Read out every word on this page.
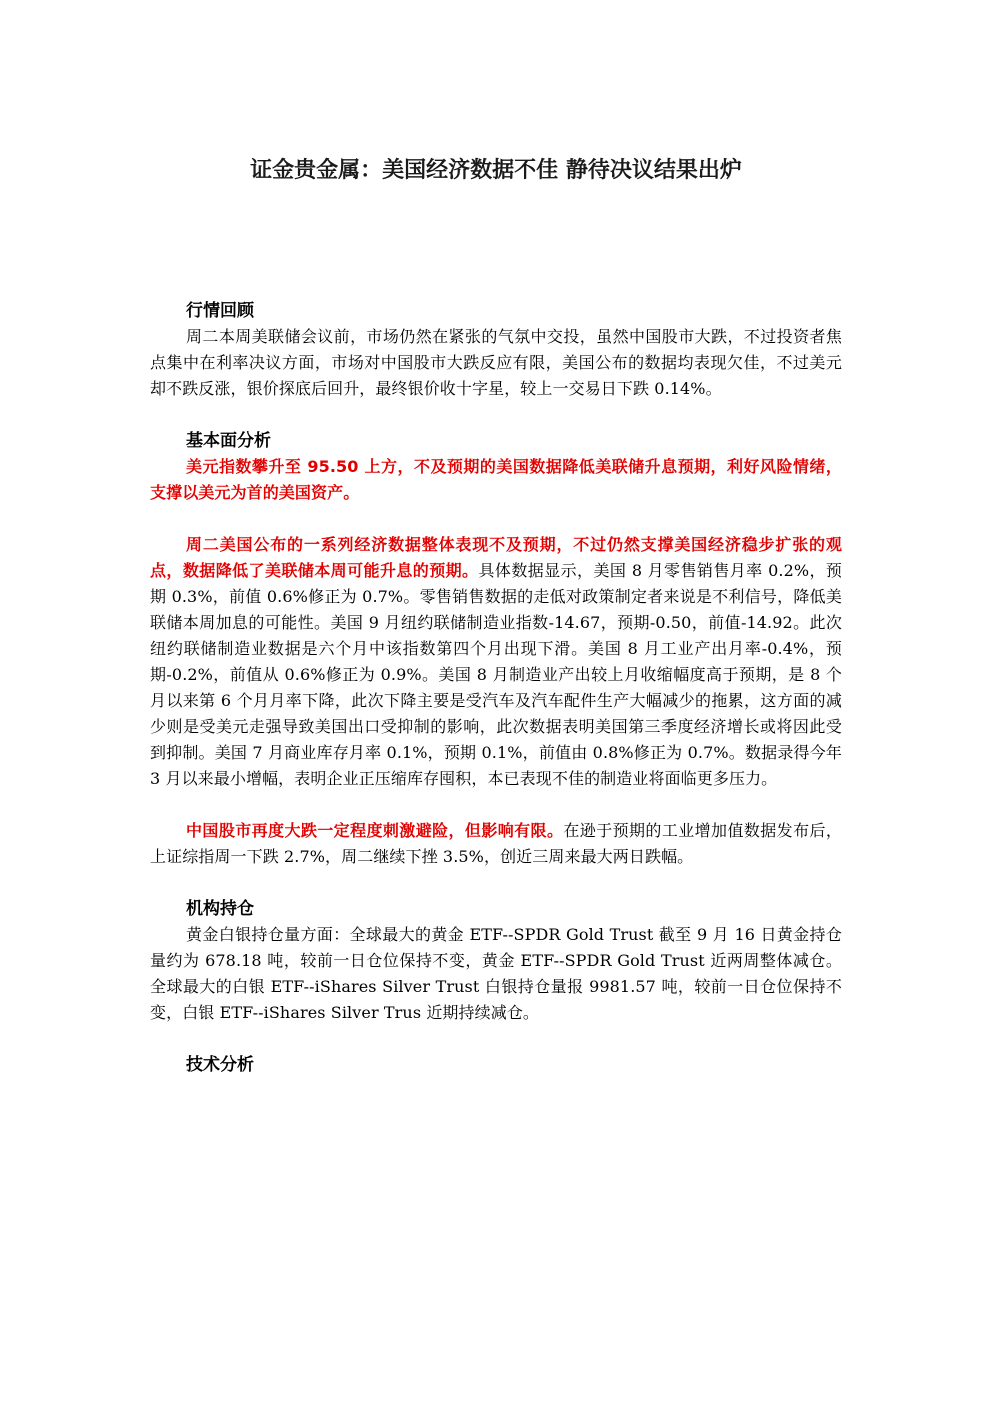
证金贵金属：美国经济数据不佳 静待决议结果出炉
行情回顾

周二本周美联储会议前，市场仍然在紧张的气氛中交投，虽然中国股市大跌，不过投资者焦点集中在利率决议方面，市场对中国股市大跌反应有限，美国公布的数据均表现欠佳，不过美元却不跌反涨，银价探底后回升，最终银价收十字星，较上一交易日下跌 0.14%。

基本面分析

美元指数攀升至 95.50 上方，不及预期的美国数据降低美联储升息预期，利好风险情绪，支撑以美元为首的美国资产。

周二美国公布的一系列经济数据整体表现不及预期，不过仍然支撑美国经济稳步扩张的观点，数据降低了美联储本周可能升息的预期。具体数据显示，美国 8 月零售销售月率 0.2%，预期 0.3%，前值 0.6%修正为 0.7%。零售销售数据的走低对政策制定者来说是不利信号，降低美联储本周加息的可能性。美国 9 月纽约联储制造业指数-14.67，预期-0.50，前值-14.92。此次纽约联储制造业数据是六个月中该指数第四个月出现下滑。美国 8 月工业产出月率-0.4%，预期-0.2%，前值从 0.6%修正为 0.9%。美国 8 月制造业产出较上月收缩幅度高于预期，是 8 个月以来第 6 个月月率下降，此次下降主要是受汽车及汽车配件生产大幅减少的拖累，这方面的减少则是受美元走强导致美国出口受抑制的影响，此次数据表明美国第三季度经济增长或将因此受到抑制。美国 7 月商业库存月率 0.1%，预期 0.1%，前值由 0.8%修正为 0.7%。数据录得今年 3 月以来最小增幅，表明企业正压缩库存囤积，本已表现不佳的制造业将面临更多压力。

中国股市再度大跌一定程度刺激避险，但影响有限。在逊于预期的工业增加值数据发布后，上证综指周一下跌 2.7%，周二继续下挫 3.5%，创近三周来最大两日跌幅。

机构持仓

黄金白银持仓量方面：全球最大的黄金 ETF--SPDR Gold Trust 截至 9 月 16 日黄金持仓量约为 678.18 吨，较前一日仓位保持不变，黄金 ETF--SPDR Gold Trust 近两周整体减仓。全球最大的白银 ETF--iShares Silver Trust 白银持仓量报 9981.57 吨，较前一日仓位保持不变，白银 ETF--iShares Silver Trus 近期持续减仓。

技术分析
